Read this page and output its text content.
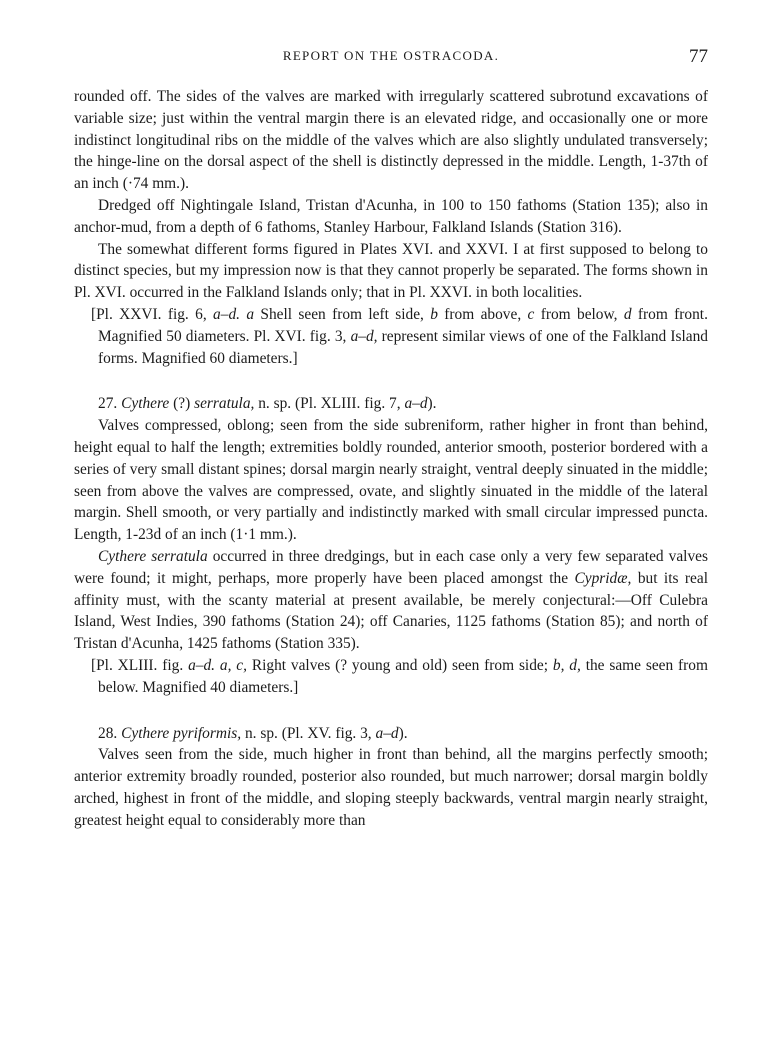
REPORT ON THE OSTRACODA.	77

rounded off. The sides of the valves are marked with irregularly scattered subrotund excavations of variable size; just within the ventral margin there is an elevated ridge, and occasionally one or more indistinct longitudinal ribs on the middle of the valves which are also slightly undulated transversely; the hinge-line on the dorsal aspect of the shell is distinctly depressed in the middle. Length, 1-37th of an inch (·74 mm.).

Dredged off Nightingale Island, Tristan d'Acunha, in 100 to 150 fathoms (Station 135); also in anchor-mud, from a depth of 6 fathoms, Stanley Harbour, Falkland Islands (Station 316).

The somewhat different forms figured in Plates XVI. and XXVI. I at first supposed to belong to distinct species, but my impression now is that they cannot properly be separated. The forms shown in Pl. XVI. occurred in the Falkland Islands only; that in Pl. XXVI. in both localities.

[Pl. XXVI. fig. 6, a–d. a Shell seen from left side, b from above, c from below, d from front. Magnified 50 diameters. Pl. XVI. fig. 3, a–d, represent similar views of one of the Falkland Island forms. Magnified 60 diameters.]

27. Cythere (?) serratula, n. sp. (Pl. XLIII. fig. 7, a–d).

Valves compressed, oblong; seen from the side subreniform, rather higher in front than behind, height equal to half the length; extremities boldly rounded, anterior smooth, posterior bordered with a series of very small distant spines; dorsal margin nearly straight, ventral deeply sinuated in the middle; seen from above the valves are compressed, ovate, and slightly sinuated in the middle of the lateral margin. Shell smooth, or very partially and indistinctly marked with small circular impressed puncta. Length, 1-23d of an inch (1·1 mm.).

Cythere serratula occurred in three dredgings, but in each case only a very few separated valves were found; it might, perhaps, more properly have been placed amongst the Cypridæ, but its real affinity must, with the scanty material at present available, be merely conjectural:—Off Culebra Island, West Indies, 390 fathoms (Station 24); off Canaries, 1125 fathoms (Station 85); and north of Tristan d'Acunha, 1425 fathoms (Station 335).

[Pl. XLIII. fig. a–d. a, c, Right valves (? young and old) seen from side; b, d, the same seen from below. Magnified 40 diameters.]

28. Cythere pyriformis, n. sp. (Pl. XV. fig. 3, a–d).

Valves seen from the side, much higher in front than behind, all the margins perfectly smooth; anterior extremity broadly rounded, posterior also rounded, but much narrower; dorsal margin boldly arched, highest in front of the middle, and sloping steeply backwards, ventral margin nearly straight, greatest height equal to considerably more than
